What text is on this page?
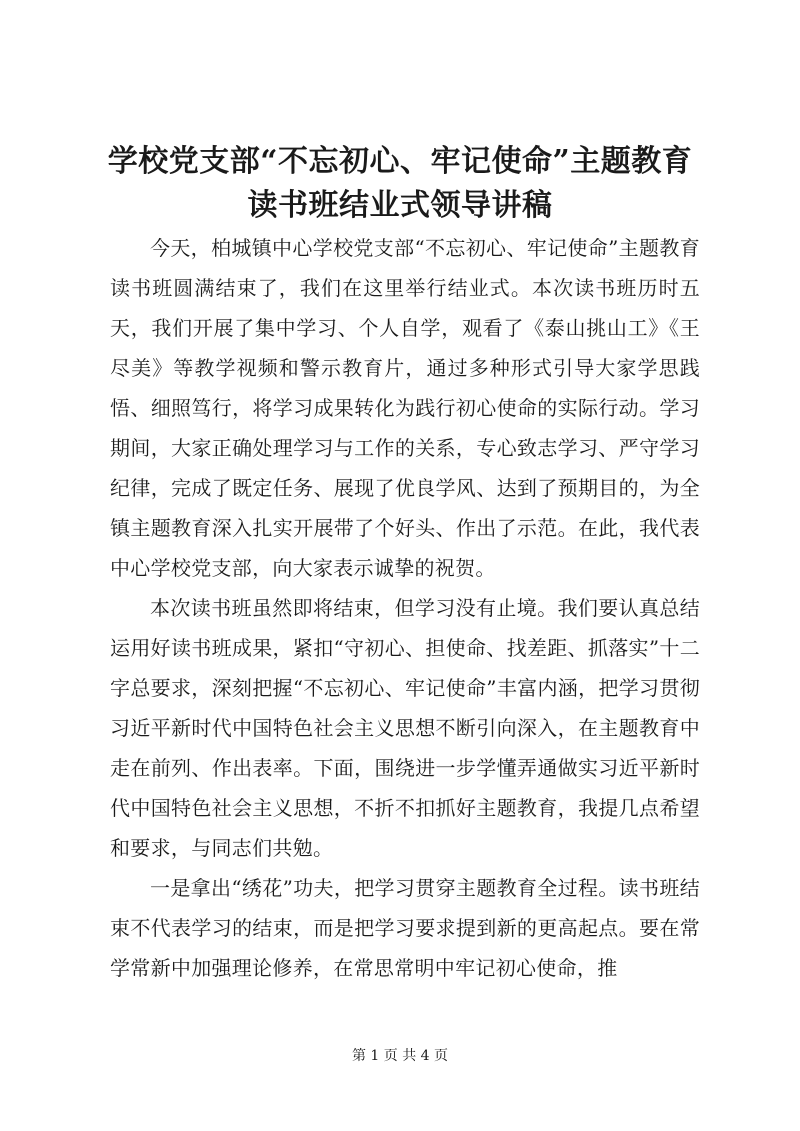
学校党支部“不忘初心、牢记使命”主题教育
读书班结业式领导讲稿

今天，柏城镇中心学校党支部“不忘初心、牢记使命”主题教育读书班圆满结束了，我们在这里举行结业式。本次读书班历时五天，我们开展了集中学习、个人自学，观看了《泰山挑山工》《王尽美》等教学视频和警示教育片，通过多种形式引导大家学思践悟、细照笃行，将学习成果转化为践行初心使命的实际行动。学习期间，大家正确处理学习与工作的关系，专心致志学习、严守学习纪律，完成了既定任务、展现了优良学风、达到了预期目的，为全镇主题教育深入扎实开展带了个好头、作出了示范。在此，我代表中心学校党支部，向大家表示诚挚的祝贺。

本次读书班虽然即将结束，但学习没有止境。我们要认真总结运用好读书班成果，紧扣“守初心、担使命、找差距、抓落实”十二字总要求，深刻把握“不忘初心、牢记使命”丰富内涵，把学习贯彻习近平新时代中国特色社会主义思想不断引向深入，在主题教育中走在前列、作出表率。下面，围绕进一步学懂弄通做实习近平新时代中国特色社会主义思想，不折不扣抓好主题教育，我提几点希望和要求，与同志们共勉。

一是拿出“绣花”功夫，把学习贯穿主题教育全过程。读书班结束不代表学习的结束，而是把学习要求提到新的更高起点。要在常学常新中加强理论修养，在常思常明中牢记初心使命，推

第 1 页 共 4 页
